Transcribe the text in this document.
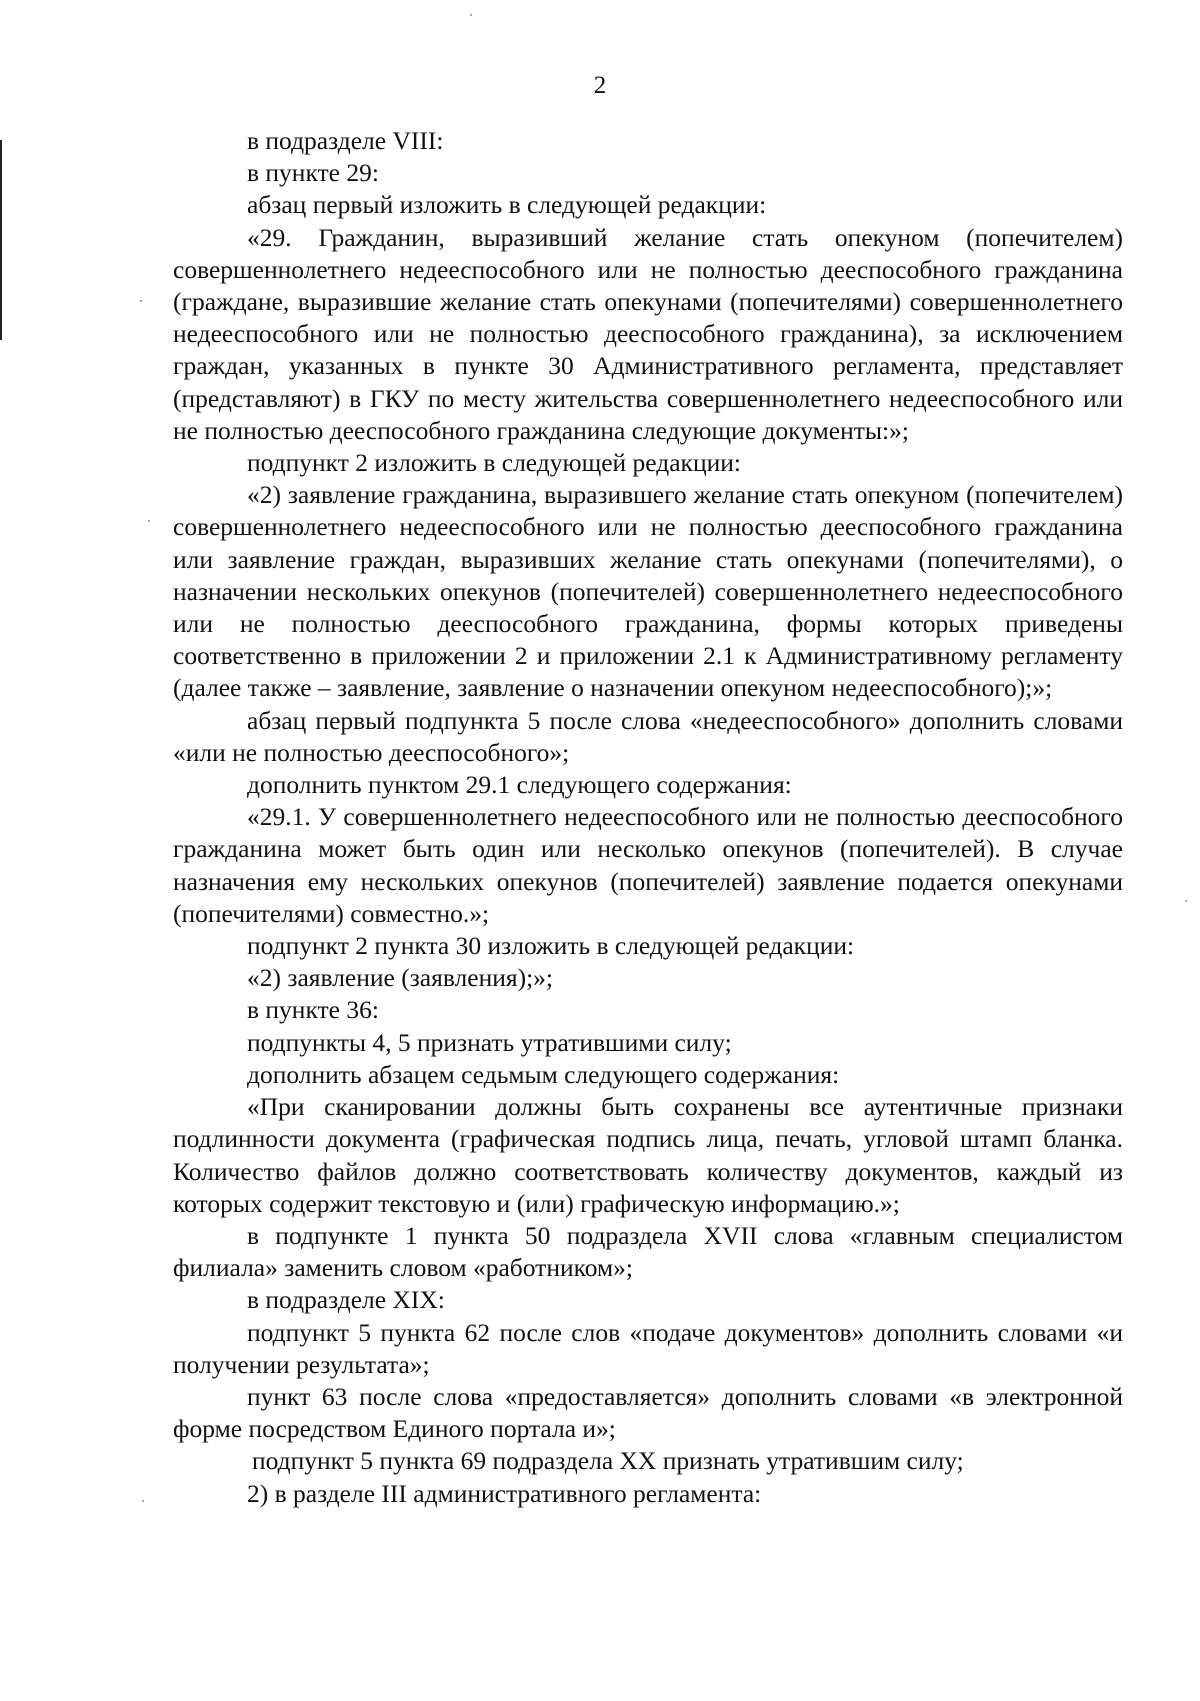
2

в подразделе VIII:

в пункте 29:

абзац первый изложить в следующей редакции:

«29. Гражданин, выразивший желание стать опекуном (попечителем) совершеннолетнего недееспособного или не полностью дееспособного гражданина (граждане, выразившие желание стать опекунами (попечителями) совершеннолетнего недееспособного или не полностью дееспособного гражданина), за исключением граждан, указанных в пункте 30 Административного регламента, представляет (представляют) в ГКУ по месту жительства совершеннолетнего недееспособного или не полностью дееспособного гражданина следующие документы:»;

подпункт 2 изложить в следующей редакции:

«2) заявление гражданина, выразившего желание стать опекуном (попечителем) совершеннолетнего недееспособного или не полностью дееспособного гражданина или заявление граждан, выразивших желание стать опекунами (попечителями), о назначении нескольких опекунов (попечителей) совершеннолетнего недееспособного или не полностью дееспособного гражданина, формы которых приведены соответственно в приложении 2 и приложении 2.1 к Административному регламенту (далее также – заявление, заявление о назначении опекуном недееспособного);»;

абзац первый подпункта 5 после слова «недееспособного» дополнить словами «или не полностью дееспособного»;

дополнить пунктом 29.1 следующего содержания:

«29.1. У совершеннолетнего недееспособного или не полностью дееспособного гражданина может быть один или несколько опекунов (попечителей). В случае назначения ему нескольких опекунов (попечителей) заявление подается опекунами (попечителями) совместно.»;

подпункт 2 пункта 30 изложить в следующей редакции:

«2) заявление (заявления);»;

в пункте 36:

подпункты 4, 5 признать утратившими силу;

дополнить абзацем седьмым следующего содержания:

«При сканировании должны быть сохранены все аутентичные признаки подлинности документа (графическая подпись лица, печать, угловой штамп бланка. Количество файлов должно соответствовать количеству документов, каждый из которых содержит текстовую и (или) графическую информацию.»;

в подпункте 1 пункта 50 подраздела XVII слова «главным специалистом филиала» заменить словом «работником»;

в подразделе XIX:

подпункт 5 пункта 62 после слов «подаче документов» дополнить словами «и получении результата»;

пункт 63 после слова «предоставляется» дополнить словами «в электронной форме посредством Единого портала и»;

подпункт 5 пункта 69 подраздела XX признать утратившим силу;

2) в разделе III административного регламента:
